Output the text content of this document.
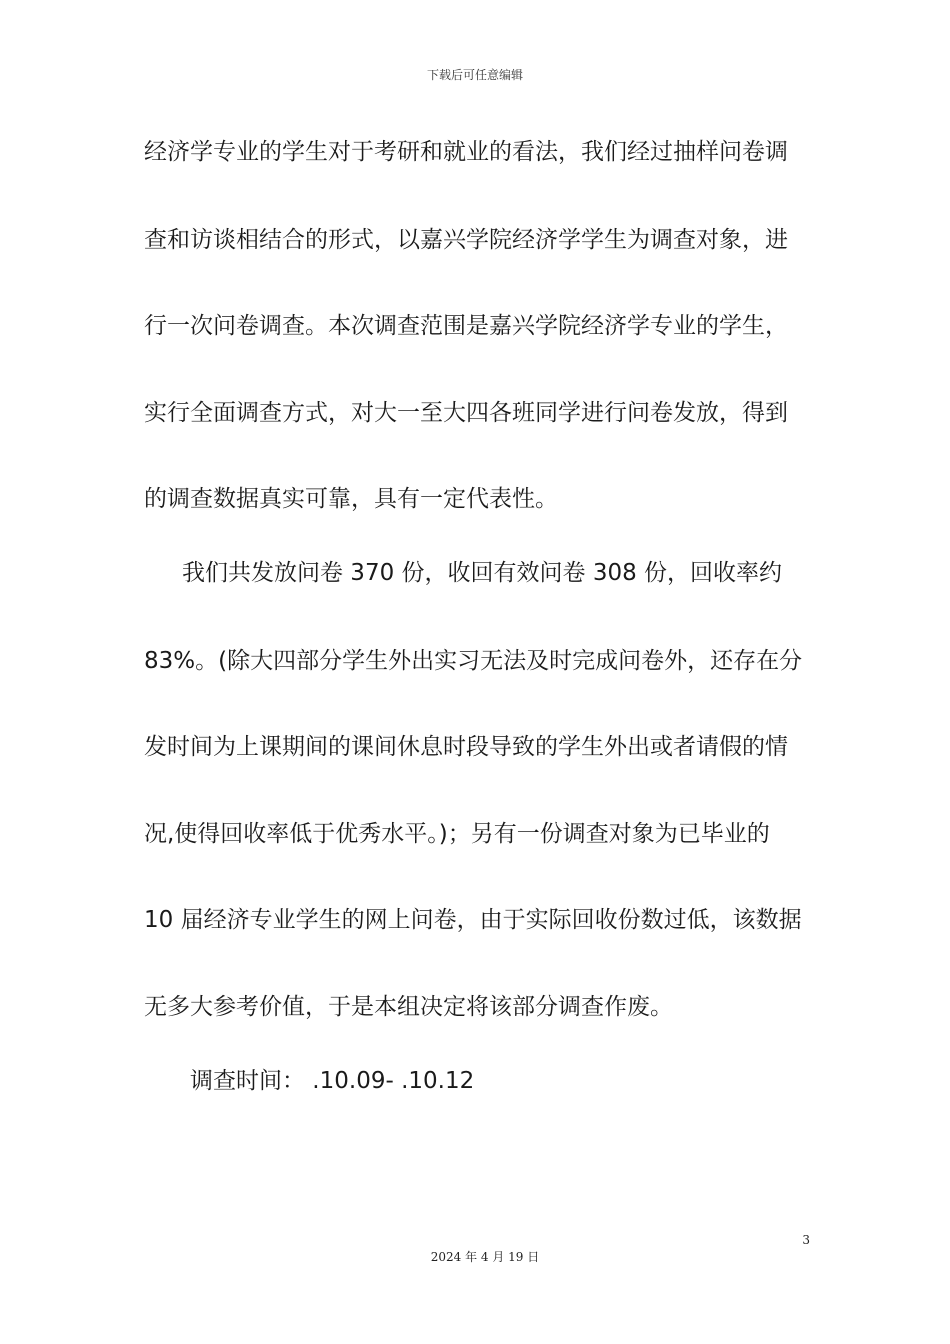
下载后可任意编辑
经济学专业的学生对于考研和就业的看法，我们经过抽样问卷调
查和访谈相结合的形式，以嘉兴学院经济学学生为调查对象，进
行一次问卷调查。本次调查范围是嘉兴学院经济学专业的学生，
实行全面调查方式，对大一至大四各班同学进行问卷发放，得到
的调查数据真实可靠，具有一定代表性。
我们共发放问卷 370 份，收回有效问卷 308 份，回收率约
83%。(除大四部分学生外出实习无法及时完成问卷外，还存在分
发时间为上课期间的课间休息时段导致的学生外出或者请假的情
况,使得回收率低于优秀水平。)；另有一份调查对象为已毕业的
10 届经济专业学生的网上问卷，由于实际回收份数过低，该数据
无多大参考价值，于是本组决定将该部分调查作废。
调查时间： .10.09- .10.12
3
2024 年 4 月 19 日
